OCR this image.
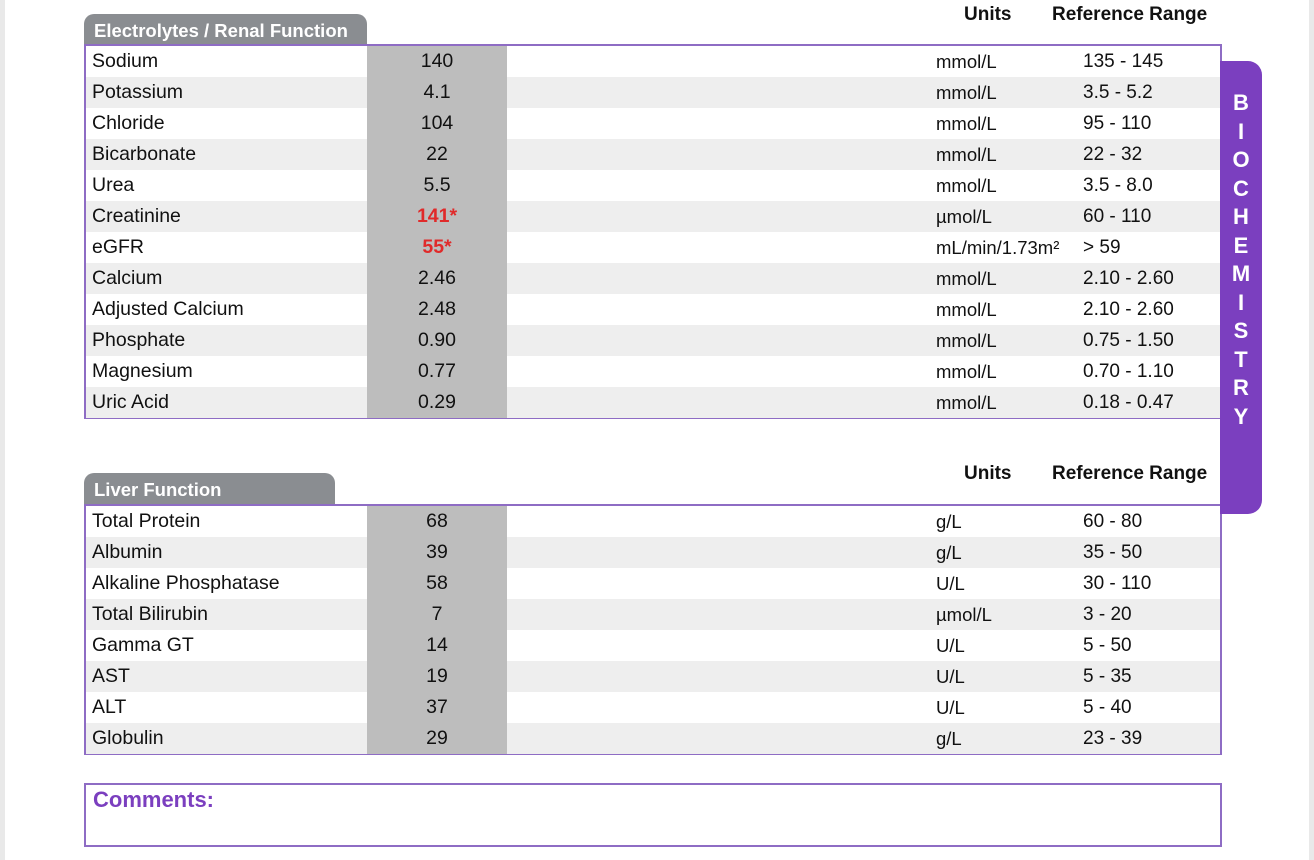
Units Reference Range
Electrolytes / Renal Function
Sodium	140	mmol/L	135 - 145
Potassium	4.1	mmol/L	3.5 - 5.2
Chloride	104	mmol/L	95 - 110
Bicarbonate	22	mmol/L	22 - 32
Urea	5.5	mmol/L	3.5 - 8.0
Creatinine	141*	µmol/L	60 - 110
eGFR	55*	mL/min/1.73m² > 59
Calcium	2.46	mmol/L	2.10 - 2.60
Adjusted Calcium	2.48	mmol/L	2.10 - 2.60
Phosphate	0.90	mmol/L	0.75 - 1.50
Magnesium	0.77	mmol/L	0.70 - 1.10
Uric Acid	0.29	mmol/L	0.18 - 0.47
Units Reference Range
Liver Function
Total Protein	68	g/L	60 - 80
Albumin	39	g/L	35 - 50
Alkaline Phosphatase	58	U/L	30 - 110
Total Bilirubin	7	µmol/L	3 - 20
Gamma GT	14	U/L	5 - 50
AST	19	U/L	5 - 35
ALT	37	U/L	5 - 40
Globulin	29	g/L	23 - 39
B
I
O
C
H
E
M
I
S
T
R
Y
Comments:
